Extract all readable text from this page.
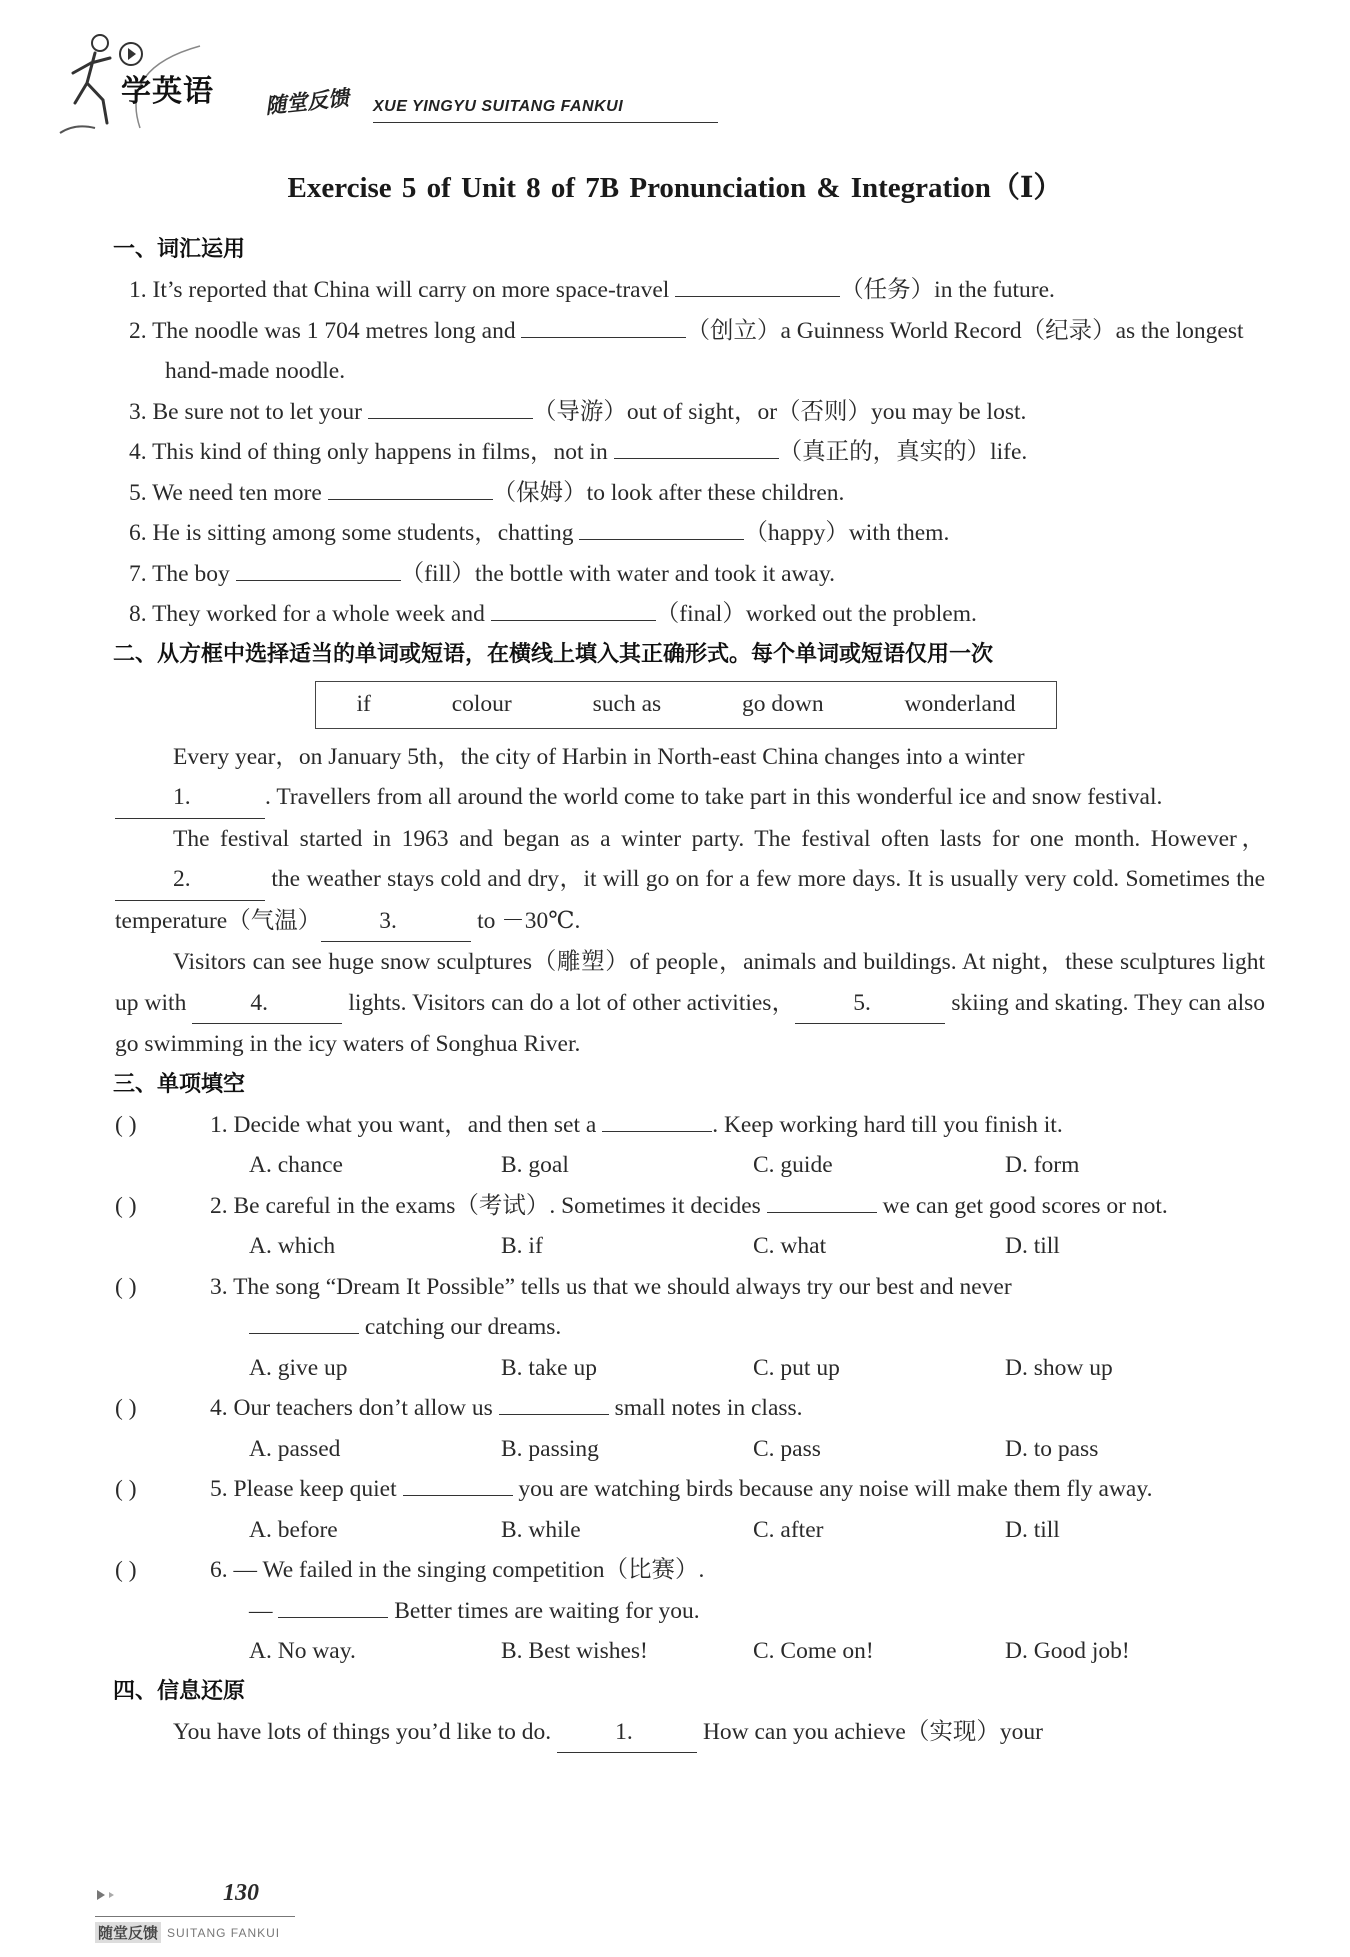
学英语 随堂反馈 XUE YINGYU SUITANG FANKUI
Exercise 5 of Unit 8 of 7B Pronunciation & Integration（Ⅰ）
一、词汇运用
1. It’s reported that China will carry on more space-travel	（任务）in the future.
2. The noodle was 1 704 metres long and	（创立）a Guinness World Record（纪录）as the longest hand-made noodle.
3. Be sure not to let your	（导游）out of sight，or（否则）you may be lost.
4. This kind of thing only happens in films，not in	（真正的，真实的）life.
5. We need ten more	（保姆）to look after these children.
6. He is sitting among some students，chatting	（happy）with them.
7. The boy	（fill）the bottle with water and took it away.
8. They worked for a whole week and	（final）worked out the problem.
二、从方框中选择适当的单词或短语，在横线上填入其正确形式。每个单词或短语仅用一次
if	colour	such as	go down	wonderland
Every year，on January 5th，the city of Harbin in North-east China changes into a winter
1.	. Travellers from all around the world come to take part in this wonderful ice and snow festival.
The festival started in 1963 and began as a winter party. The festival often lasts for one month. However，2.	the weather stays cold and dry，it will go on for a few more days. It is usually very cold. Sometimes the temperature（气温） 3.	to －30℃.
Visitors can see huge snow sculptures（雕塑）of people，animals and buildings. At night，these sculptures light up with 4.	lights. Visitors can do a lot of other activities， 5.	skiing and skating. They can also go swimming in the icy waters of Songhua River.
三、单项填空
( )	1. Decide what you want，and then set a	. Keep working hard till you finish it.
A. chance	B. goal	C. guide	D. form
( )	2. Be careful in the exams（考试）. Sometimes it decides	we can get good scores or not.
A. which	B. if	C. what	D. till
( )	3. The song “Dream It Possible” tells us that we should always try our best and never
catching our dreams.
A. give up	B. take up	C. put up	D. show up
( )	4. Our teachers don’t allow us	small notes in class.
A. passed	B. passing	C. pass	D. to pass
( )	5. Please keep quiet	you are watching birds because any noise will make them fly away.
A. before	B. while	C. after	D. till
( )	6. — We failed in the singing competition（比赛）.
—	Better times are waiting for you.
A. No way.	B. Best wishes!	C. Come on!	D. Good job!
四、信息还原
You have lots of things you’d like to do. 1.	How can you achieve（实现）your
130
随堂反馈 SUITANG FANKUI
